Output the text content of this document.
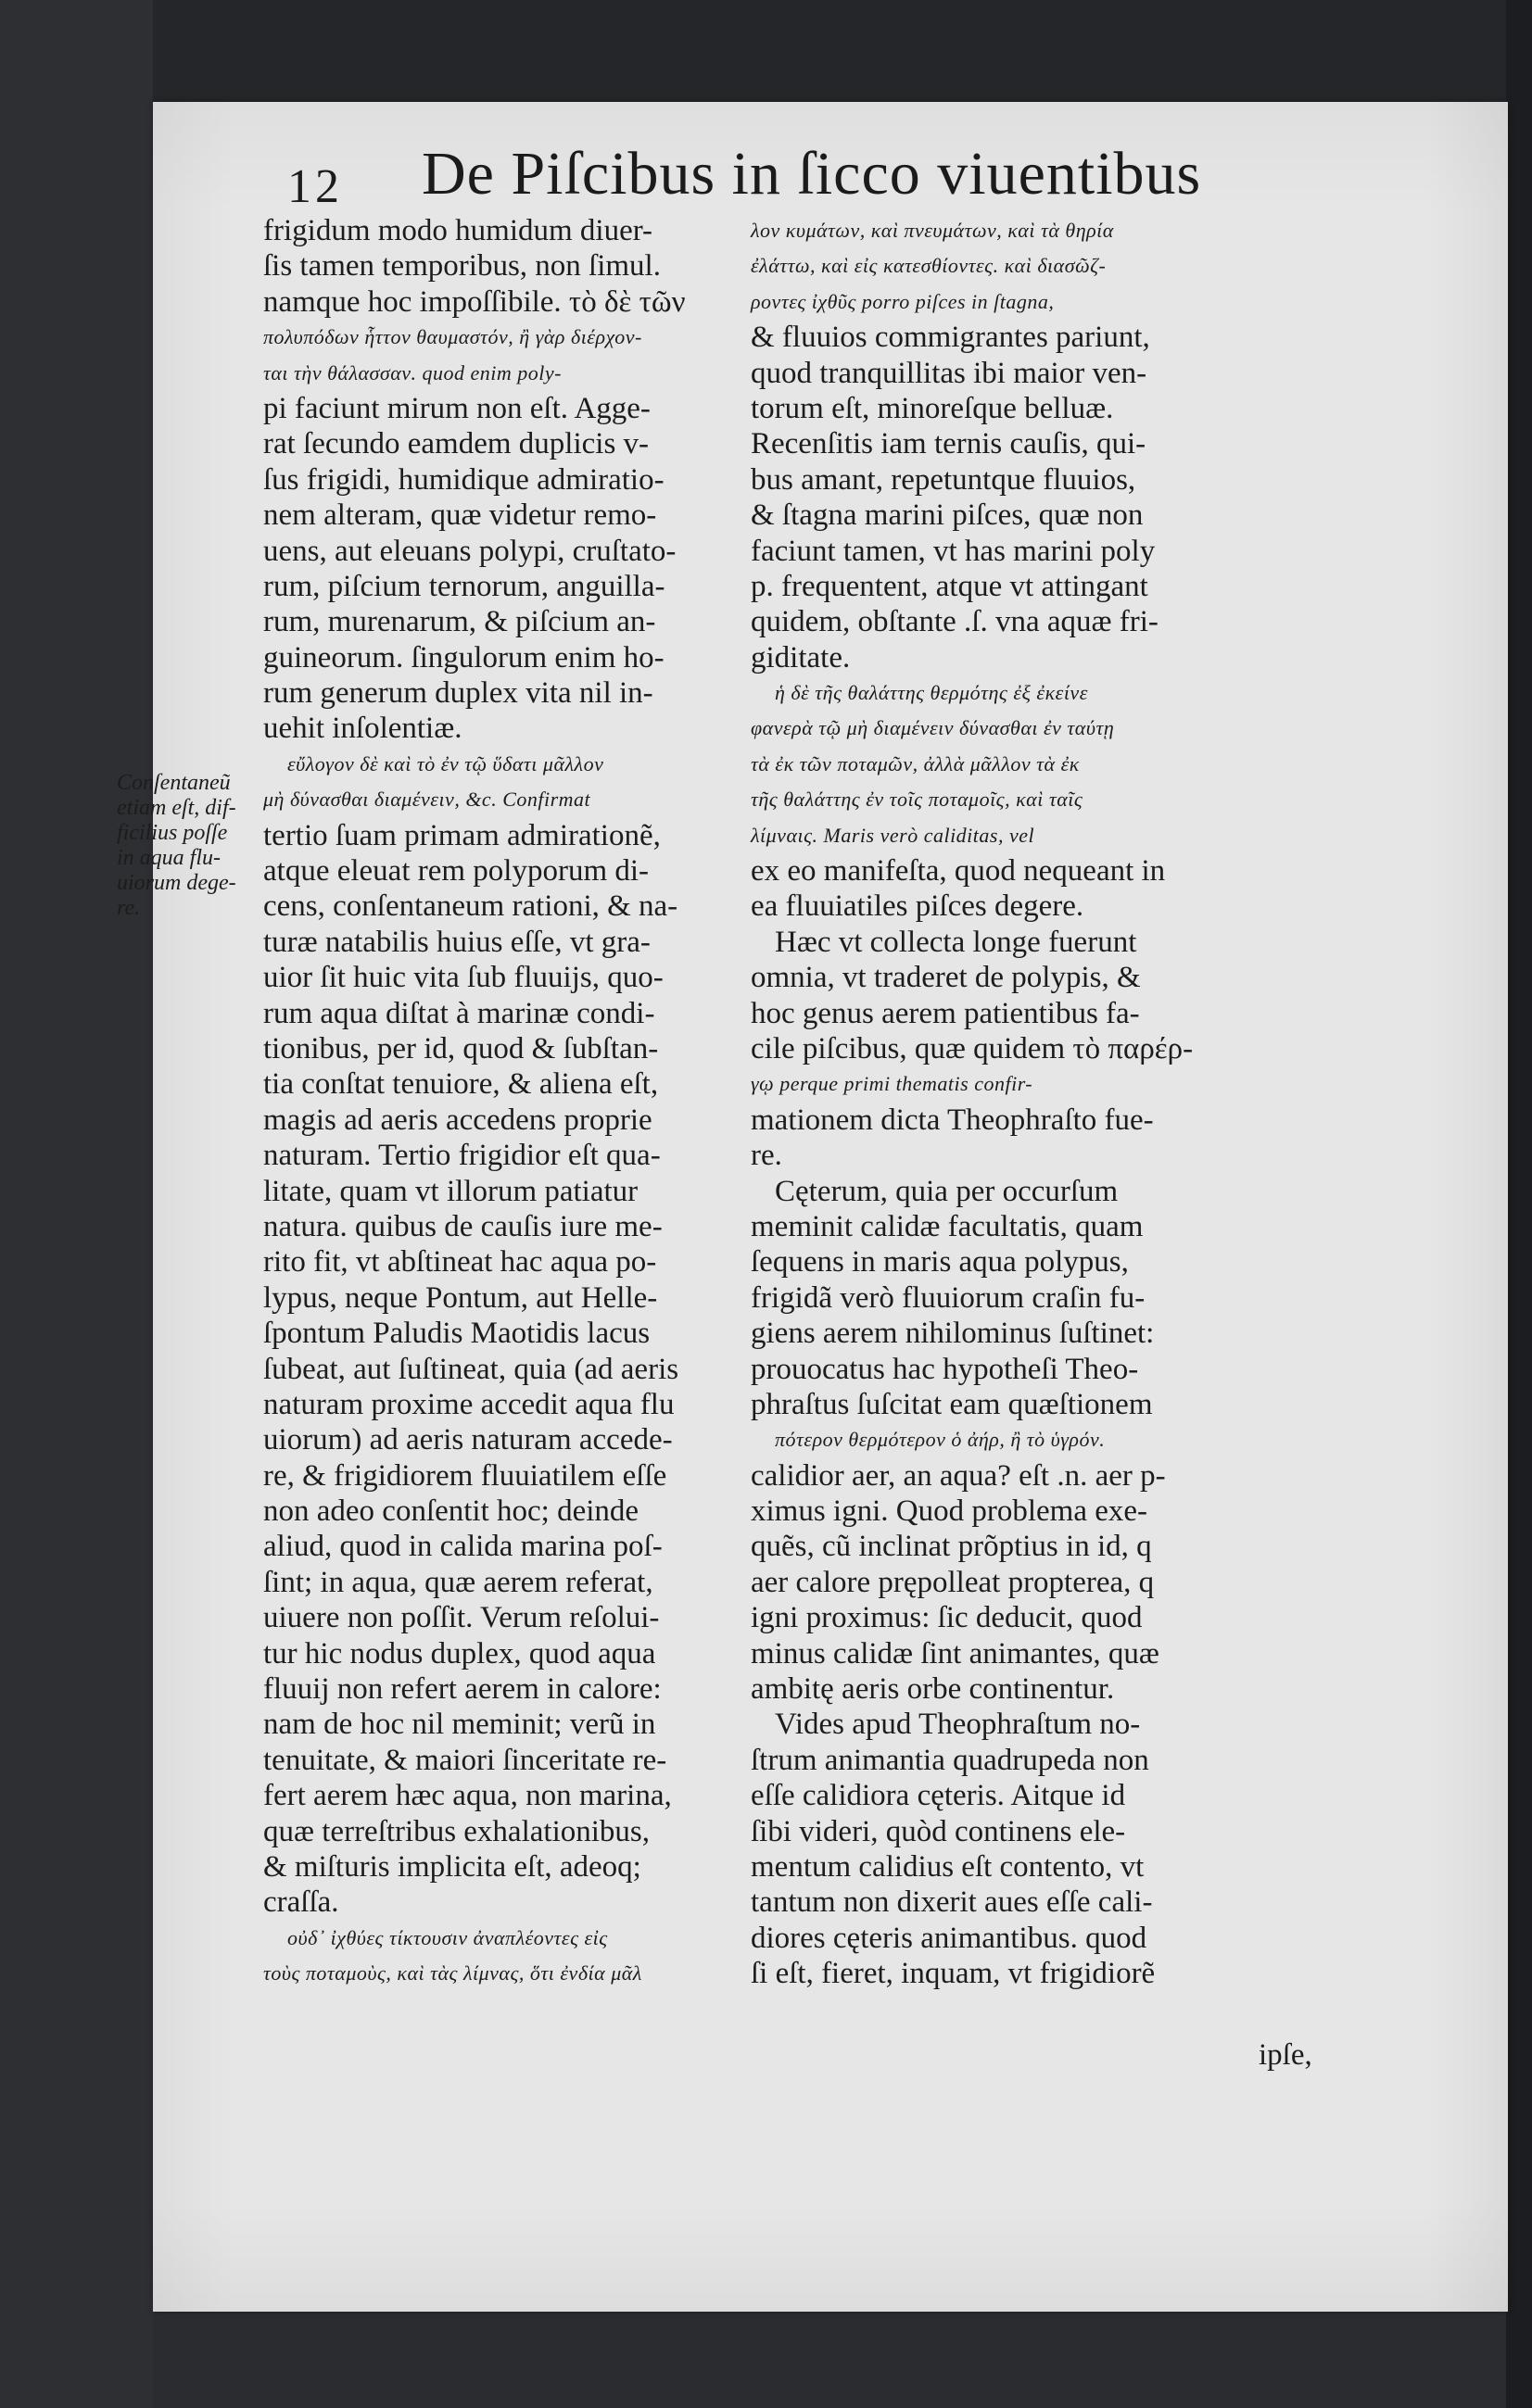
12 De Piſcibus in ſicco viuentibus
Conſentaneũ
etiam eſt, dif-
ficilius poſſe
in aqua flu-
uiorum dege-
re.
frigidum modo humidum diuer-
ſis tamen temporibus, non ſimul.
namque hoc impoſſibile. τὸ δὲ τῶν
πολυπόδων ἧττον θαυμαστόν, ἢ γὰρ διέρχον-
ται τὴν θάλασσαν. quod enim poly-
pi faciunt mirum non eſt. Agge-
rat ſecundo eamdem duplicis v-
ſus frigidi, humidique admiratio-
nem alteram, quæ videtur remo-
uens, aut eleuans polypi, cruſtato-
rum, piſcium ternorum, anguilla-
rum, murenarum, & piſcium an-
guineorum. ſingulorum enim ho-
rum generum duplex vita nil in-
uehit inſolentiæ.
εὔλογον δὲ καὶ τὸ ἐν τῷ ὕδατι μᾶλλον
μὴ δύνασθαι διαμένειν, &c. Confirmat
tertio ſuam primam admirationẽ,
atque eleuat rem polyporum di-
cens, conſentaneum rationi, & na-
turæ natabilis huius eſſe, vt gra-
uior ſit huic vita ſub fluuijs, quo-
rum aqua diſtat à marinæ condi-
tionibus, per id, quod & ſubſtan-
tia conſtat tenuiore, & aliena eſt,
magis ad aeris accedens proprie
naturam. Tertio frigidior eſt qua-
litate, quam vt illorum patiatur
natura. quibus de cauſis iure me-
rito fit, vt abſtineat hac aqua po-
lypus, neque Pontum, aut Helle-
ſpontum Paludis Maotidis lacus
ſubeat, aut ſuſtineat, quia (ad aeris
naturam proxime accedit aqua flu
uiorum) ad aeris naturam accede-
re, & frigidiorem fluuiatilem eſſe
non adeo conſentit hoc; deinde
aliud, quod in calida marina poſ-
ſint; in aqua, quæ aerem referat,
uiuere non poſſit. Verum reſolui-
tur hic nodus duplex, quod aqua
fluuij non refert aerem in calore:
nam de hoc nil meminit; verũ in
tenuitate, & maiori ſinceritate re-
fert aerem hæc aqua, non marina,
quæ terreſtribus exhalationibus,
& miſturis implicita eſt, adeoq;
craſſa.
οὐδ᾽ ἰχθύες τίκτουσιν ἀναπλέοντες εἰς
τοὺς ποταμοὺς, καὶ τὰς λίμνας, ὅτι ἐνδία μᾶλ
λον κυμάτων, καὶ πνευμάτων, καὶ τὰ θηρία
ἐλάττω, καὶ εἰς κατεσθίοντες. καὶ διασῶζ-
ροντες ἰχθῦς porro piſces in ſtagna,
& fluuios commigrantes pariunt,
quod tranquillitas ibi maior ven-
torum eſt, minoreſque belluæ.
Recenſitis iam ternis cauſis, qui-
bus amant, repetuntque fluuios,
& ſtagna marini piſces, quæ non
faciunt tamen, vt has marini poly
p. frequentent, atque vt attingant
quidem, obſtante .ſ. vna aquæ fri-
giditate.
ἡ δὲ τῆς θαλάττης θερμότης ἐξ ἐκείνε
φανερὰ τῷ μὴ διαμένειν δύνασθαι ἐν ταύτῃ
τὰ ἐκ τῶν ποταμῶν, ἀλλὰ μᾶλλον τὰ ἐκ
τῆς θαλάττης ἐν τοῖς ποταμοῖς, καὶ ταῖς
λίμναις. Maris verò caliditas, vel
ex eo manifeſta, quod nequeant in
ea fluuiatiles piſces degere.
Hæc vt collecta longe fuerunt
omnia, vt traderet de polypis, &
hoc genus aerem patientibus fa-
cile piſcibus, quæ quidem τὸ παρέρ-
γῳ perque primi thematis confir-
mationem dicta Theophraſto fue-
re.
Cęterum, quia per occurſum
meminit calidæ facultatis, quam
ſequens in maris aqua polypus,
frigidã verò fluuiorum craſin fu-
giens aerem nihilominus ſuſtinet:
prouocatus hac hypotheſi Theo-
phraſtus ſuſcitat eam quæſtionem
πότερον θερμότερον ὁ ἀήρ, ἢ τὸ ὑγρόν.
calidior aer, an aqua? eſt .n. aer p-
ximus igni. Quod problema exe-
quẽs, cũ inclinat prõptius in id, q
aer calore prępolleat propterea, q
igni proximus: ſic deducit, quod
minus calidæ ſint animantes, quæ
ambitę aeris orbe continentur.
Vides apud Theophraſtum no-
ſtrum animantia quadrupeda non
eſſe calidiora cęteris. Aitque id
ſibi videri, quòd continens ele-
mentum calidius eſt contento, vt
tantum non dixerit aues eſſe cali-
diores cęteris animantibus. quod
ſi eſt, fieret, inquam, vt frigidiorẽ
ipſe,
